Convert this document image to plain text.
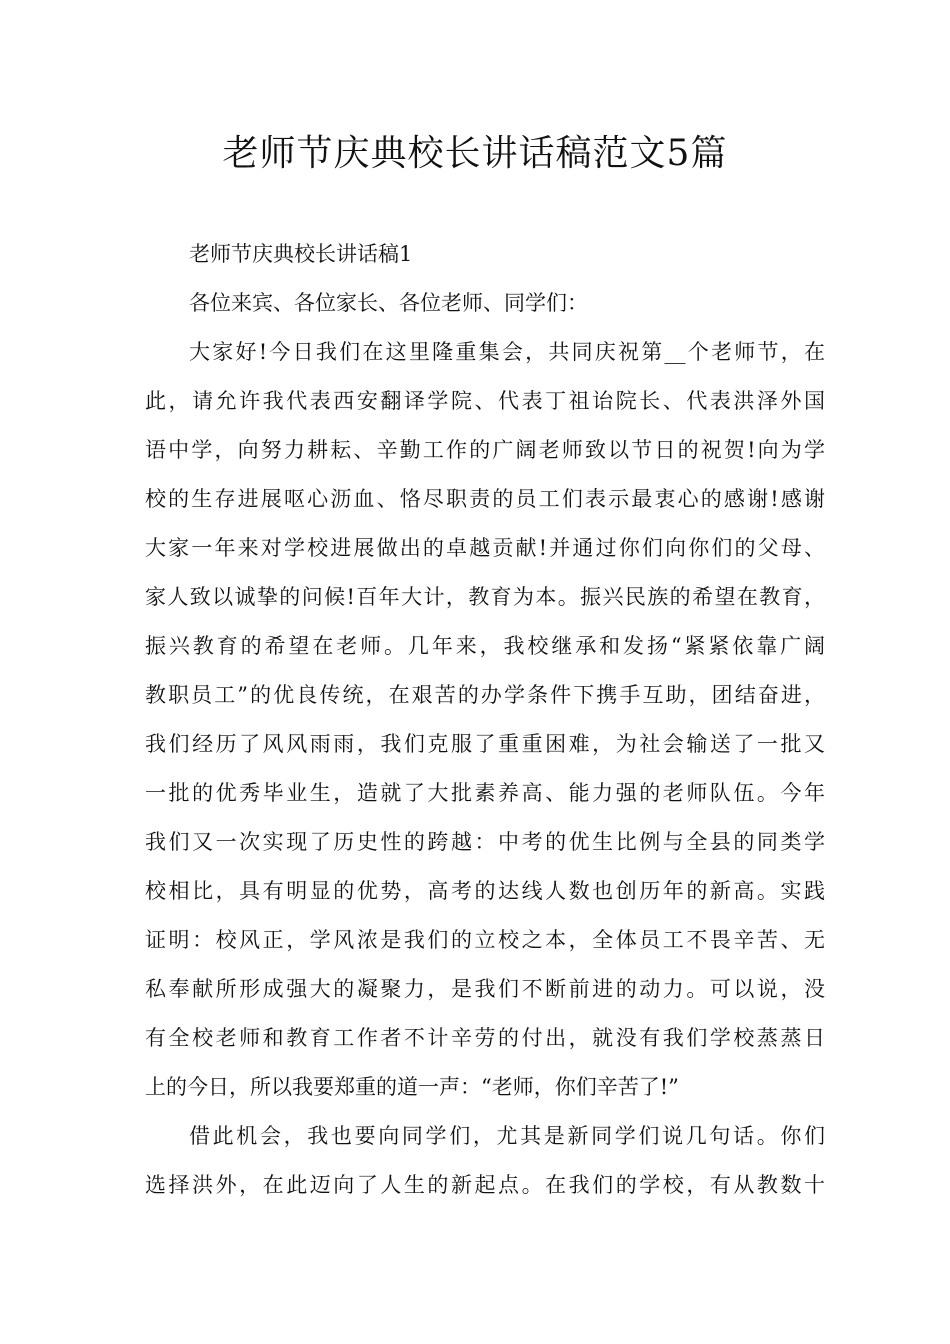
老师节庆典校长讲话稿范文5篇

老师节庆典校长讲话稿1

各位来宾、各位家长、各位老师、同学们：

大家好!今日我们在这里隆重集会，共同庆祝第__个老师节，在

此，请允许我代表西安翻译学院、代表丁祖诒院长、代表洪泽外国

语中学，向努力耕耘、辛勤工作的广阔老师致以节日的祝贺!向为学

校的生存进展呕心沥血、恪尽职责的员工们表示最衷心的感谢!感谢

大家一年来对学校进展做出的卓越贡献!并通过你们向你们的父母、

家人致以诚挚的问候!百年大计，教育为本。振兴民族的希望在教育，

振兴教育的希望在老师。几年来，我校继承和发扬“紧紧依靠广阔

教职员工”的优良传统，在艰苦的办学条件下携手互助，团结奋进，

我们经历了风风雨雨，我们克服了重重困难，为社会输送了一批又

一批的优秀毕业生，造就了大批素养高、能力强的老师队伍。今年

我们又一次实现了历史性的跨越：中考的优生比例与全县的同类学

校相比，具有明显的优势，高考的达线人数也创历年的新高。实践

证明：校风正，学风浓是我们的立校之本，全体员工不畏辛苦、无

私奉献所形成强大的凝聚力，是我们不断前进的动力。可以说，没

有全校老师和教育工作者不计辛劳的付出，就没有我们学校蒸蒸日

上的今日，所以我要郑重的道一声：“老师，你们辛苦了!”

借此机会，我也要向同学们，尤其是新同学们说几句话。你们

选择洪外，在此迈向了人生的新起点。在我们的学校，有从教数十
